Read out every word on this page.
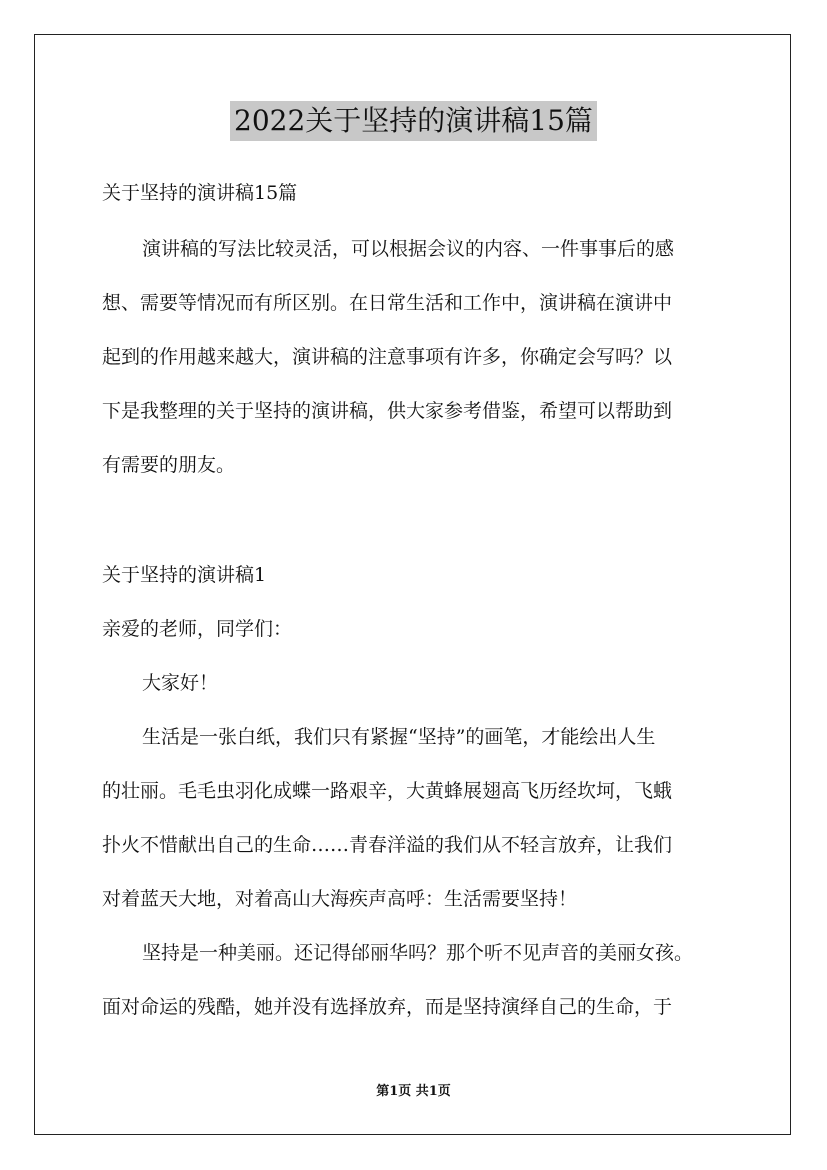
2022关于坚持的演讲稿15篇
关于坚持的演讲稿15篇
演讲稿的写法比较灵活，可以根据会议的内容、一件事事后的感
想、需要等情况而有所区别。在日常生活和工作中，演讲稿在演讲中
起到的作用越来越大，演讲稿的注意事项有许多，你确定会写吗？以
下是我整理的关于坚持的演讲稿，供大家参考借鉴，希望可以帮助到
有需要的朋友。
关于坚持的演讲稿1
亲爱的老师，同学们：
大家好！
生活是一张白纸，我们只有紧握“坚持”的画笔，才能绘出人生
的壮丽。毛毛虫羽化成蝶一路艰辛，大黄蜂展翅高飞历经坎坷，飞蛾
扑火不惜献出自己的生命……青春洋溢的我们从不轻言放弃，让我们
对着蓝天大地，对着高山大海疾声高呼：生活需要坚持！
坚持是一种美丽。还记得邰丽华吗？那个听不见声音的美丽女孩。
面对命运的残酷，她并没有选择放弃，而是坚持演绎自己的生命，于
第1页 共1页
